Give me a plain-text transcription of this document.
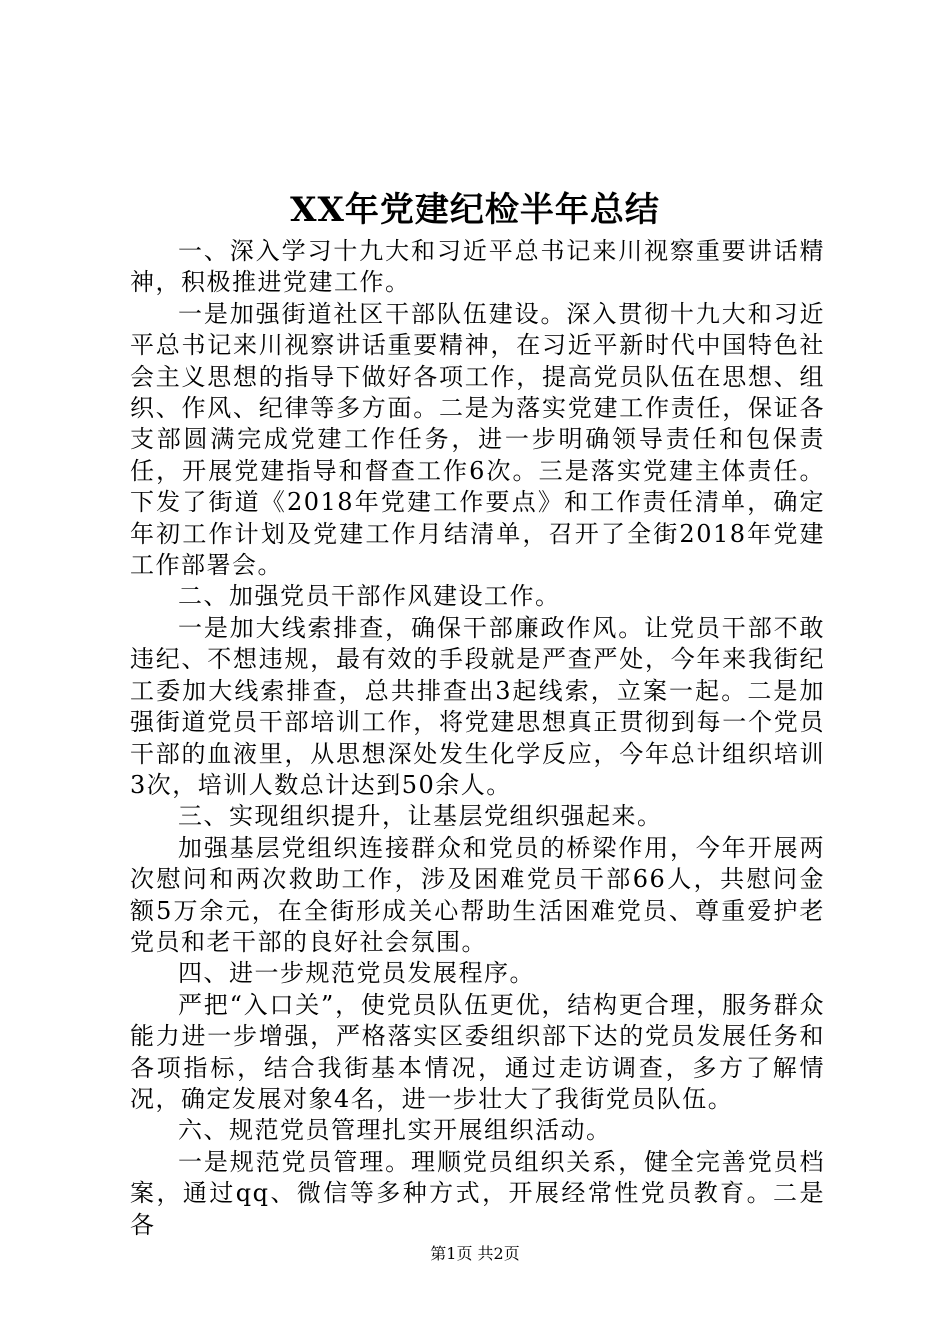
XX年党建纪检半年总结

一、深入学习十九大和习近平总书记来川视察重要讲话精神，积极推进党建工作。

一是加强街道社区干部队伍建设。深入贯彻十九大和习近平总书记来川视察讲话重要精神，在习近平新时代中国特色社会主义思想的指导下做好各项工作，提高党员队伍在思想、组织、作风、纪律等多方面。二是为落实党建工作责任，保证各支部圆满完成党建工作任务，进一步明确领导责任和包保责任，开展党建指导和督查工作6次。三是落实党建主体责任。下发了街道《2018年党建工作要点》和工作责任清单，确定年初工作计划及党建工作月结清单，召开了全街2018年党建工作部署会。

二、加强党员干部作风建设工作。

一是加大线索排查，确保干部廉政作风。让党员干部不敢违纪、不想违规，最有效的手段就是严查严处，今年来我街纪工委加大线索排查，总共排查出3起线索，立案一起。二是加强街道党员干部培训工作，将党建思想真正贯彻到每一个党员干部的血液里，从思想深处发生化学反应，今年总计组织培训3次，培训人数总计达到50余人。

三、实现组织提升，让基层党组织强起来。

加强基层党组织连接群众和党员的桥梁作用，今年开展两次慰问和两次救助工作，涉及困难党员干部66人，共慰问金额5万余元，在全街形成关心帮助生活困难党员、尊重爱护老党员和老干部的良好社会氛围。

四、进一步规范党员发展程序。

严把“入口关”，使党员队伍更优，结构更合理，服务群众能力进一步增强，严格落实区委组织部下达的党员发展任务和各项指标，结合我街基本情况，通过走访调查，多方了解情况，确定发展对象4名，进一步壮大了我街党员队伍。

六、规范党员管理扎实开展组织活动。

一是规范党员管理。理顺党员组织关系，健全完善党员档案，通过qq、微信等多种方式，开展经常性党员教育。二是各

第1页 共2页
